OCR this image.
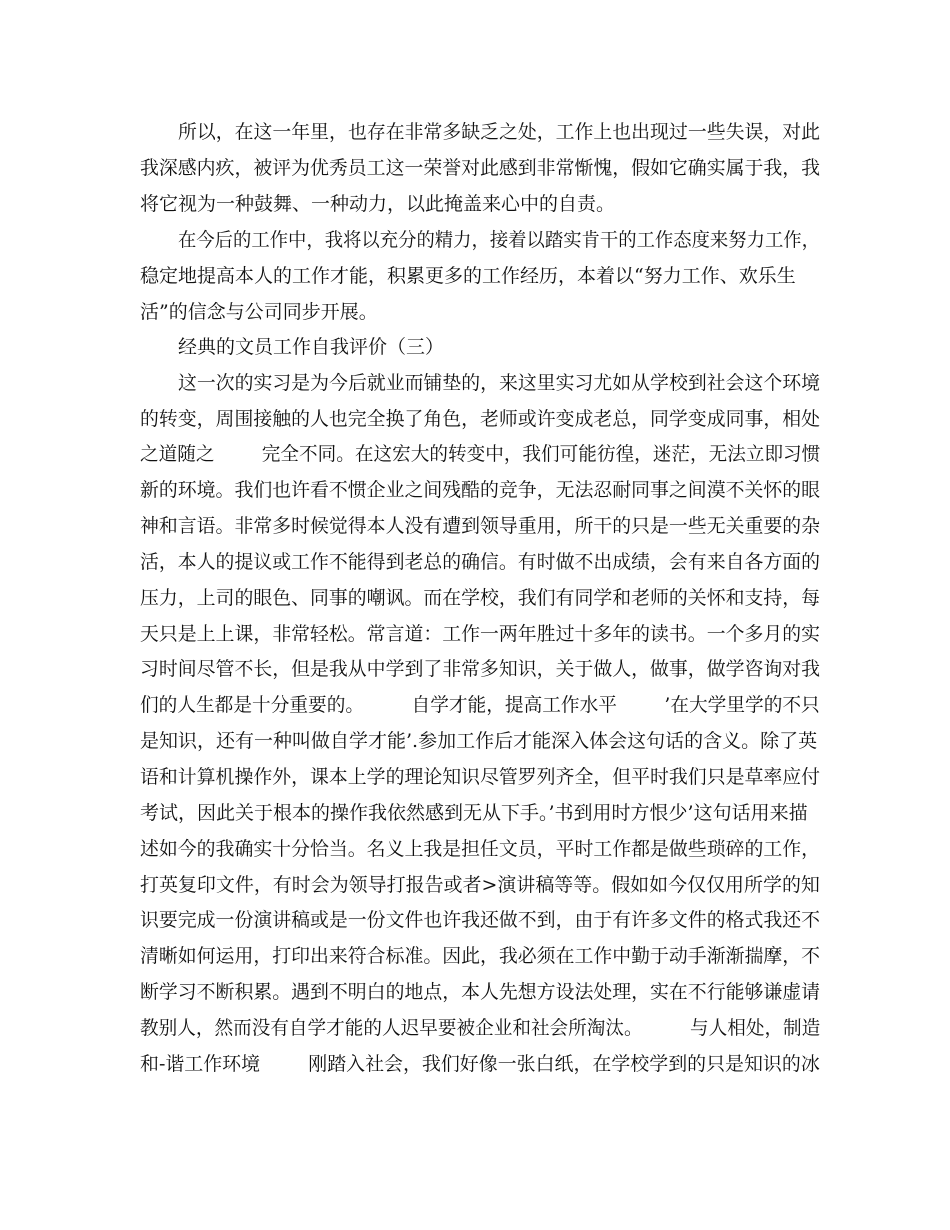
所以，在这一年里，也存在非常多缺乏之处，工作上也出现过一些失误，对此
我深感内疚，被评为优秀员工这一荣誉对此感到非常惭愧，假如它确实属于我，我
将它视为一种鼓舞、一种动力，以此掩盖来心中的自责。
在今后的工作中，我将以充分的精力，接着以踏实肯干的工作态度来努力工作，
稳定地提高本人的工作才能，积累更多的工作经历，本着以“努力工作、欢乐生
活”的信念与公司同步开展。
经典的文员工作自我评价（三）
这一次的实习是为今后就业而铺垫的，来这里实习尤如从学校到社会这个环境
的转变，周围接触的人也完全换了角色，老师或许变成老总，同学变成同事，相处
之道随之        完全不同。在这宏大的转变中，我们可能彷徨，迷茫，无法立即习惯
新的环境。我们也许看不惯企业之间残酷的竞争，无法忍耐同事之间漠不关怀的眼
神和言语。非常多时候觉得本人没有遭到领导重用，所干的只是一些无关重要的杂
活，本人的提议或工作不能得到老总的确信。有时做不出成绩，会有来自各方面的
压力，上司的眼色、同事的嘲讽。而在学校，我们有同学和老师的关怀和支持，每
天只是上上课，非常轻松。常言道：工作一两年胜过十多年的读书。一个多月的实
习时间尽管不长，但是我从中学到了非常多知识，关于做人，做事，做学咨询对我
们的人生都是十分重要的。        自学才能，提高工作水平        ’在大学里学的不只
是知识，还有一种叫做自学才能’.参加工作后才能深入体会这句话的含义。除了英
语和计算机操作外，课本上学的理论知识尽管罗列齐全，但平时我们只是草率应付
考试，因此关于根本的操作我依然感到无从下手。’书到用时方恨少’这句话用来描
述如今的我确实十分恰当。名义上我是担任文员，平时工作都是做些琐碎的工作，
打英复印文件，有时会为领导打报告或者>演讲稿等等。假如如今仅仅用所学的知
识要完成一份演讲稿或是一份文件也许我还做不到，由于有许多文件的格式我还不
清晰如何运用，打印出来符合标准。因此，我必须在工作中勤于动手渐渐揣摩，不
断学习不断积累。遇到不明白的地点，本人先想方设法处理，实在不行能够谦虚请
教别人，然而没有自学才能的人迟早要被企业和社会所淘汰。        与人相处，制造
和-谐工作环境        刚踏入社会，我们好像一张白纸，在学校学到的只是知识的冰
